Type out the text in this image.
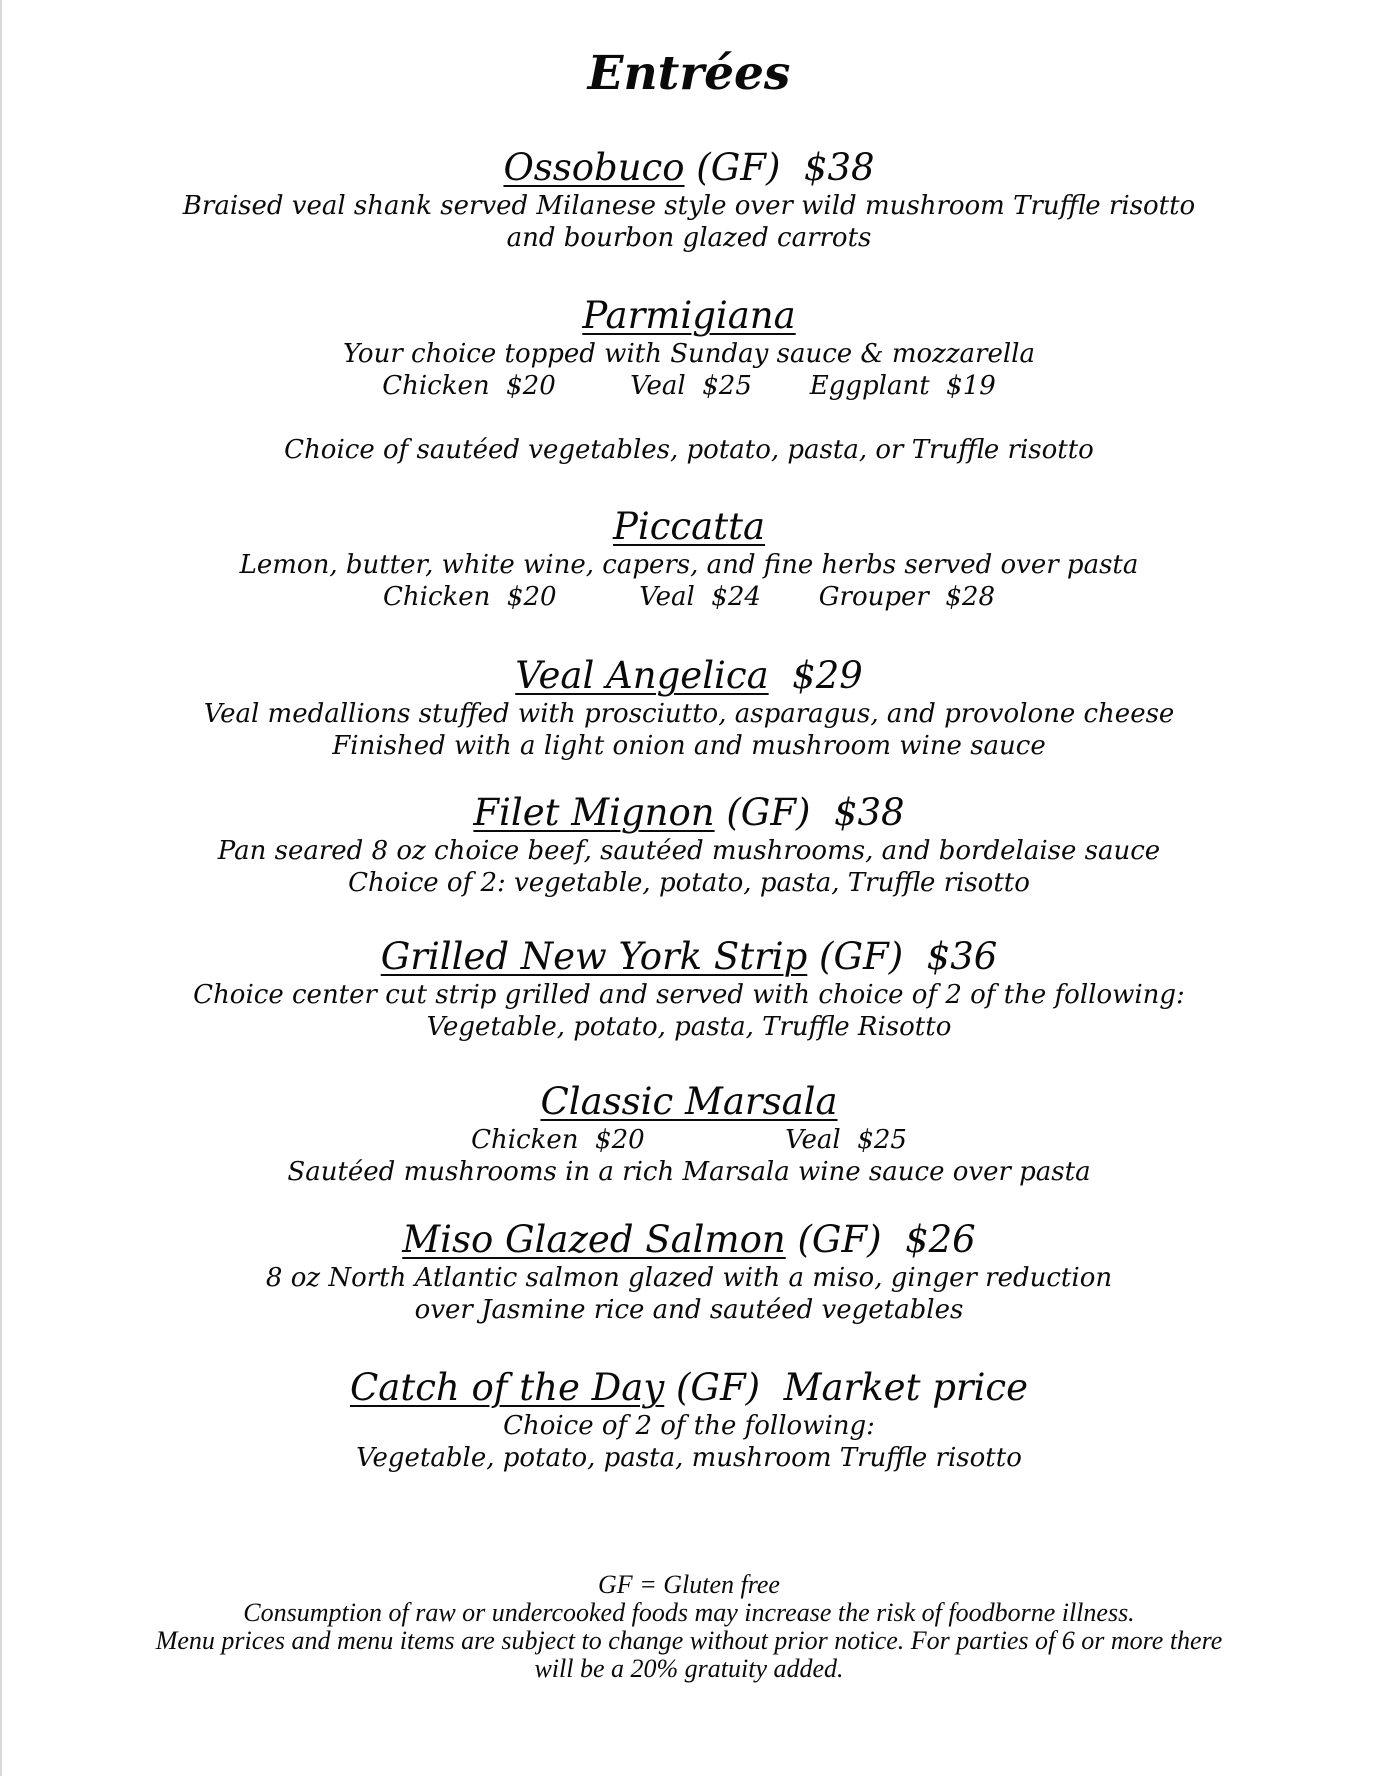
Entrées
Ossobuco (GF)  $38
Braised veal shank served Milanese style over wild mushroom Truffle risotto
and bourbon glazed carrots
Parmigiana
Your choice topped with Sunday sauce & mozzarella
Chicken  $20         Veal  $25       Eggplant  $19
Choice of sautéed vegetables, potato, pasta, or Truffle risotto
Piccatta
Lemon, butter, white wine, capers, and fine herbs served over pasta
Chicken  $20          Veal  $24       Grouper  $28
Veal Angelica  $29
Veal medallions stuffed with prosciutto, asparagus, and provolone cheese
Finished with a light onion and mushroom wine sauce
Filet Mignon (GF)  $38
Pan seared 8 oz choice beef, sautéed mushrooms, and bordelaise sauce
Choice of 2: vegetable, potato, pasta, Truffle risotto
Grilled New York Strip (GF)  $36
Choice center cut strip grilled and served with choice of 2 of the following:
Vegetable, potato, pasta, Truffle Risotto
Classic Marsala
Chicken  $20                 Veal  $25
Sautéed mushrooms in a rich Marsala wine sauce over pasta
Miso Glazed Salmon (GF)  $26
8 oz North Atlantic salmon glazed with a miso, ginger reduction
over Jasmine rice and sautéed vegetables
Catch of the Day (GF)  Market price
Choice of 2 of the following:
Vegetable, potato, pasta, mushroom Truffle risotto
GF = Gluten free
Consumption of raw or undercooked foods may increase the risk of foodborne illness.
Menu prices and menu items are subject to change without prior notice. For parties of 6 or more there
will be a 20% gratuity added.
